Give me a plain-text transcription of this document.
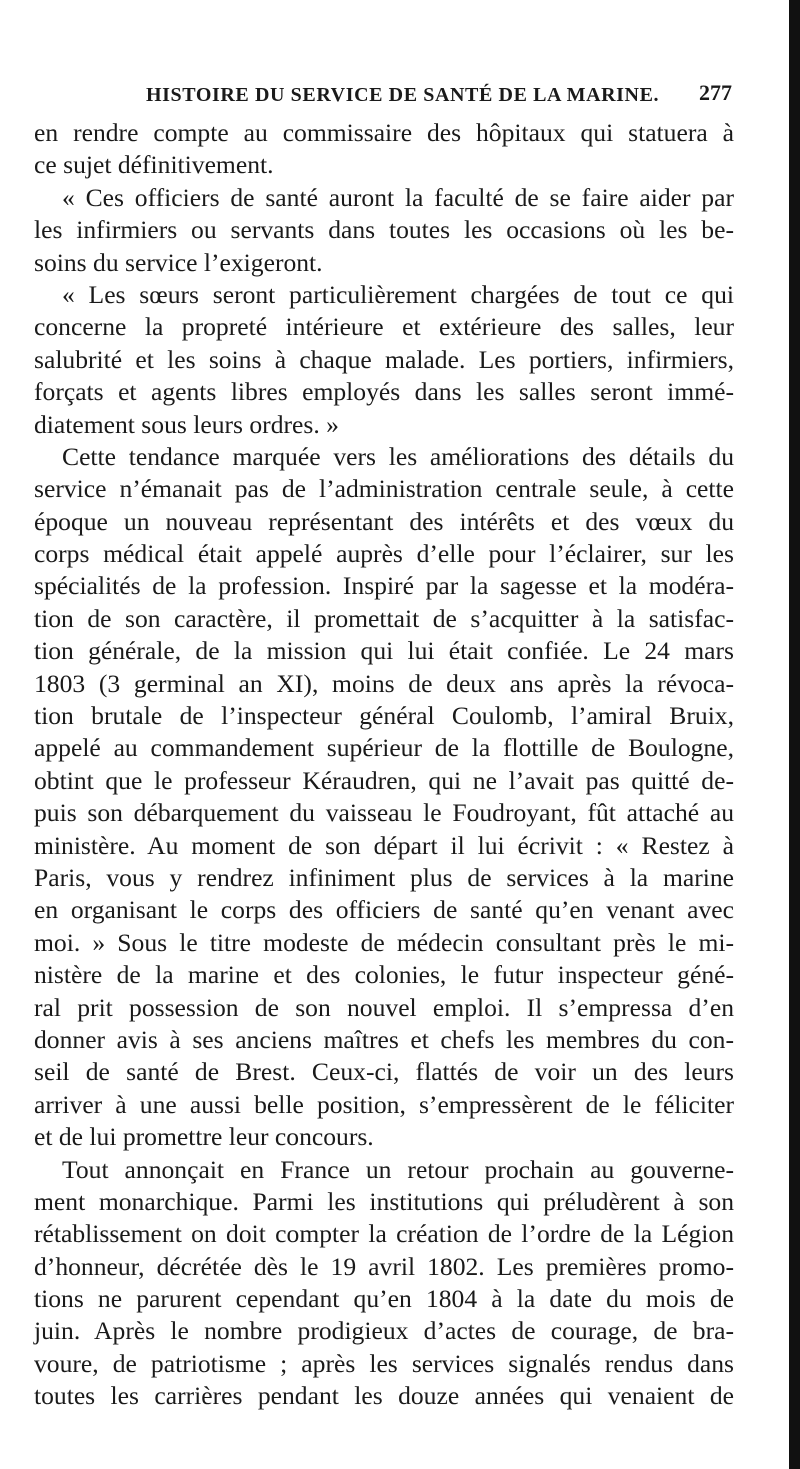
HISTOIRE DU SERVICE DE SANTÉ DE LA MARINE. 277
en rendre compte au commissaire des hôpitaux qui statuera à
ce sujet définitivement.
« Ces officiers de santé auront la faculté de se faire aider par
les infirmiers ou servants dans toutes les occasions où les be-
soins du service l’exigeront.
« Les sœurs seront particulièrement chargées de tout ce qui
concerne la propreté intérieure et extérieure des salles, leur
salubrité et les soins à chaque malade. Les portiers, infirmiers,
forçats et agents libres employés dans les salles seront immé-
diatement sous leurs ordres. »
Cette tendance marquée vers les améliorations des détails du
service n’émanait pas de l’administration centrale seule, à cette
époque un nouveau représentant des intérêts et des vœux du
corps médical était appelé auprès d’elle pour l’éclairer, sur les
spécialités de la profession. Inspiré par la sagesse et la modéra-
tion de son caractère, il promettait de s’acquitter à la satisfac-
tion générale, de la mission qui lui était confiée. Le 24 mars
1803 (3 germinal an XI), moins de deux ans après la révoca-
tion brutale de l’inspecteur général Coulomb, l’amiral Bruix,
appelé au commandement supérieur de la flottille de Boulogne,
obtint que le professeur Kéraudren, qui ne l’avait pas quitté de-
puis son débarquement du vaisseau le Foudroyant, fût attaché au
ministère. Au moment de son départ il lui écrivit : « Restez à
Paris, vous y rendrez infiniment plus de services à la marine
en organisant le corps des officiers de santé qu’en venant avec
moi. » Sous le titre modeste de médecin consultant près le mi-
nistère de la marine et des colonies, le futur inspecteur géné-
ral prit possession de son nouvel emploi. Il s’empressa d’en
donner avis à ses anciens maîtres et chefs les membres du con-
seil de santé de Brest. Ceux-ci, flattés de voir un des leurs
arriver à une aussi belle position, s’empressèrent de le féliciter
et de lui promettre leur concours.
Tout annonçait en France un retour prochain au gouverne-
ment monarchique. Parmi les institutions qui préludèrent à son
rétablissement on doit compter la création de l’ordre de la Légion
d’honneur, décrétée dès le 19 avril 1802. Les premières promo-
tions ne parurent cependant qu’en 1804 à la date du mois de
juin. Après le nombre prodigieux d’actes de courage, de bra-
voure, de patriotisme ; après les services signalés rendus dans
toutes les carrières pendant les douze années qui venaient de
